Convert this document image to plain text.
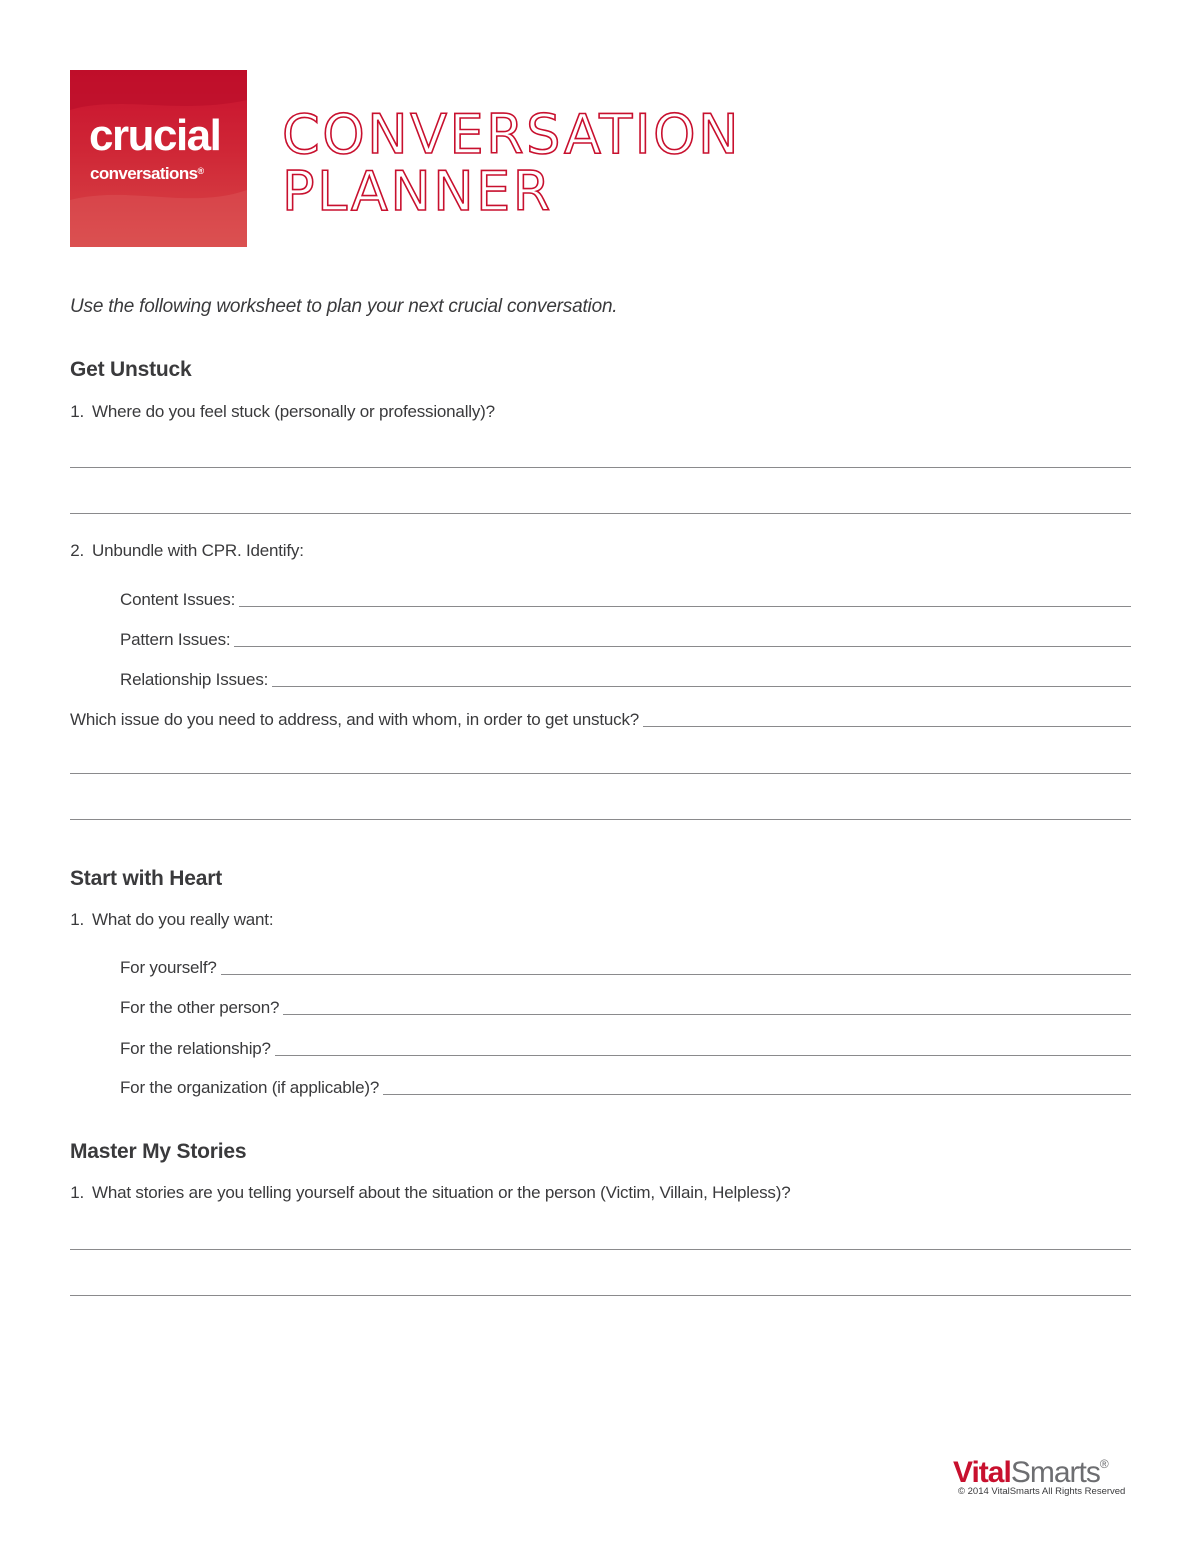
crucial
conversations®
CONVERSATION
PLANNER
Use the following worksheet to plan your next crucial conversation.
Get Unstuck
1. Where do you feel stuck (personally or professionally)?
2. Unbundle with CPR. Identify:
Content Issues:
Pattern Issues:
Relationship Issues:
Which issue do you need to address, and with whom, in order to get unstuck?
Start with Heart
1. What do you really want:
For yourself?
For the other person?
For the relationship?
For the organization (if applicable)?
Master My Stories
1. What stories are you telling yourself about the situation or the person (Victim, Villain, Helpless)?
VitalSmarts®
© 2014 VitalSmarts All Rights Reserved
